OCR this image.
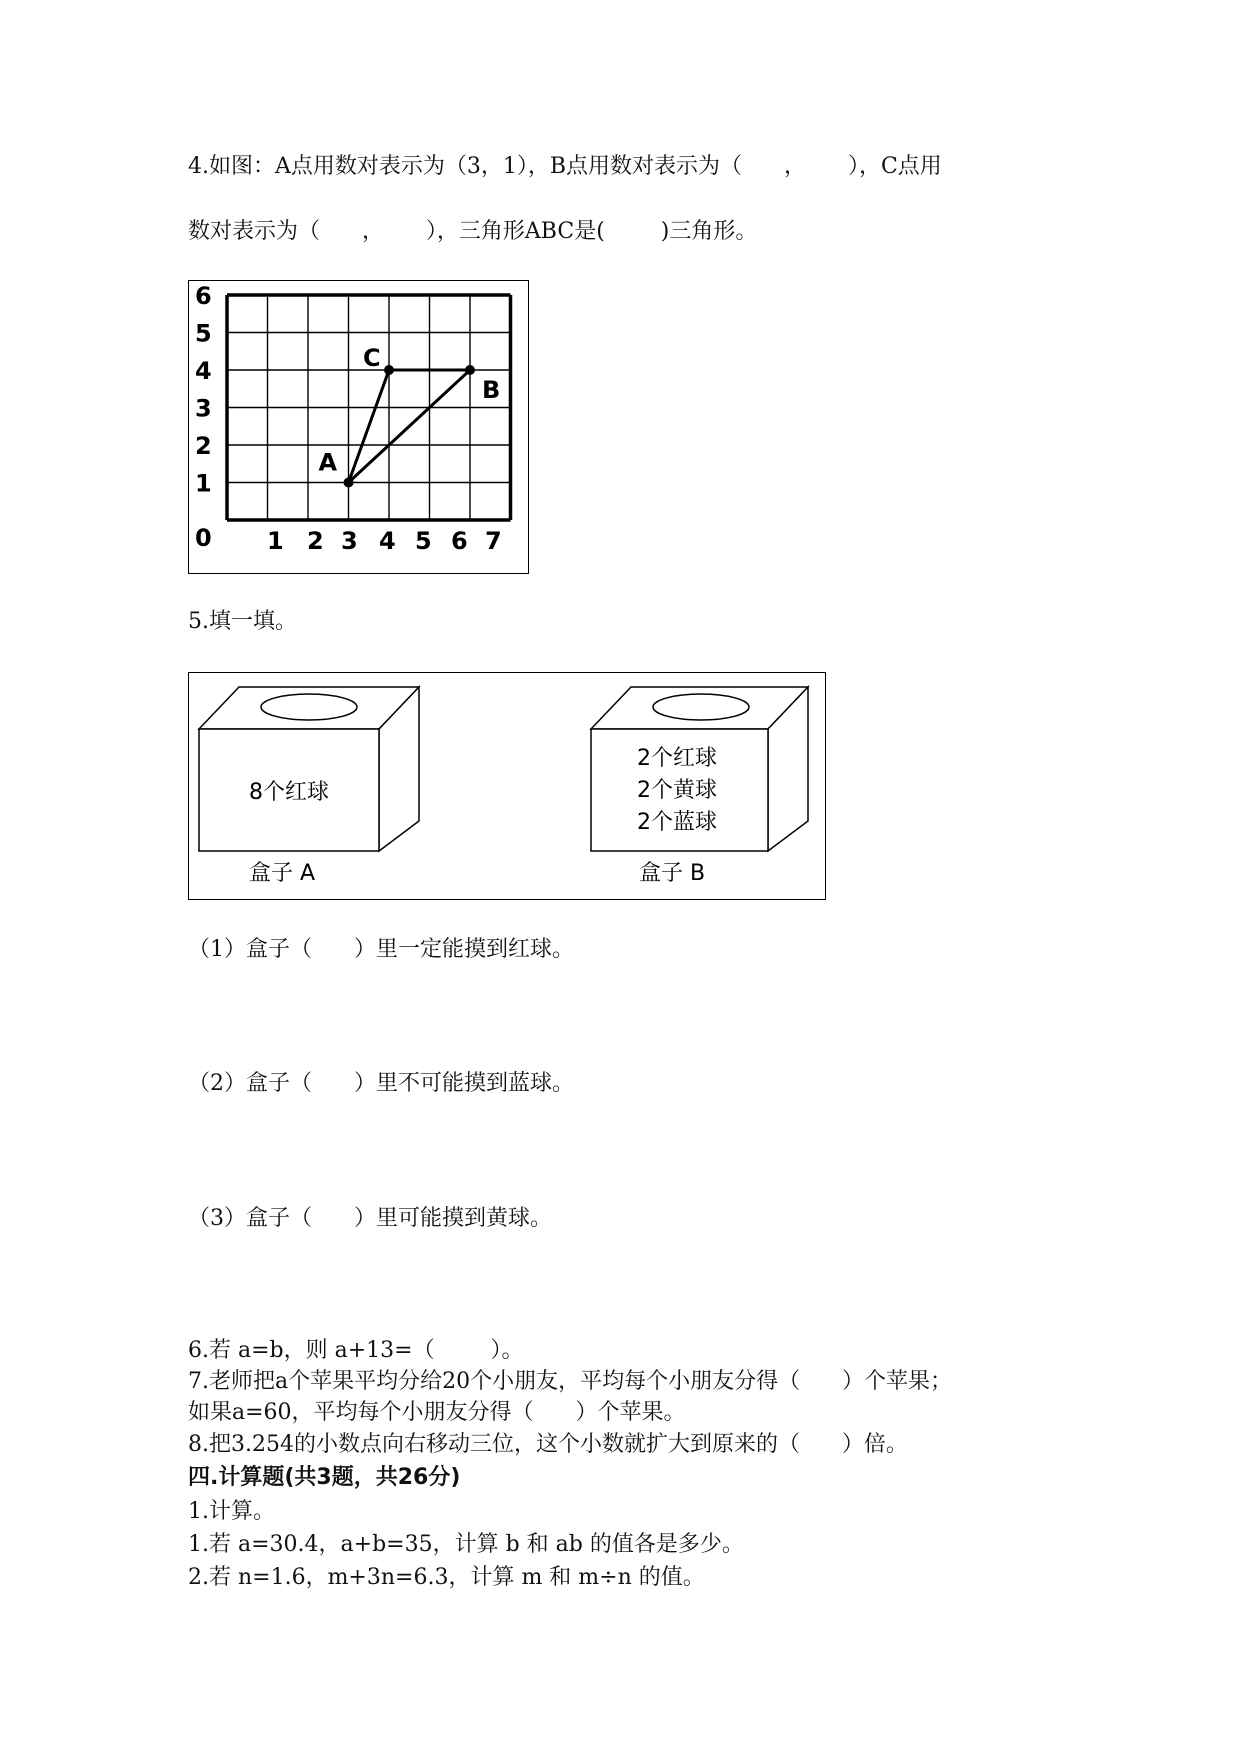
4.如图：A点用数对表示为（3，1），B点用数对表示为（      ，      ），C点用
数对表示为（      ，      ），三角形ABC是(        )三角形。
6
5
4
3
2
1
0 1 2 3 4 5 6 7
A
B
C
5.填一填。
8个红球
盒子 A
2个红球
2个黄球
2个蓝球
盒子 B
（1）盒子（      ）里一定能摸到红球。
（2）盒子（      ）里不可能摸到蓝球。
（3）盒子（      ）里可能摸到黄球。
6.若 a=b，则 a+13=（        ）。
7.老师把a个苹果平均分给20个小朋友，平均每个小朋友分得（      ）个苹果；
如果a=60，平均每个小朋友分得（      ）个苹果。
8.把3.254的小数点向右移动三位，这个小数就扩大到原来的（      ）倍。
四.计算题(共3题，共26分)
1.计算。
1.若 a=30.4，a+b=35，计算 b 和 ab 的值各是多少。
2.若 n=1.6，m+3n=6.3，计算 m 和 m÷n 的值。
